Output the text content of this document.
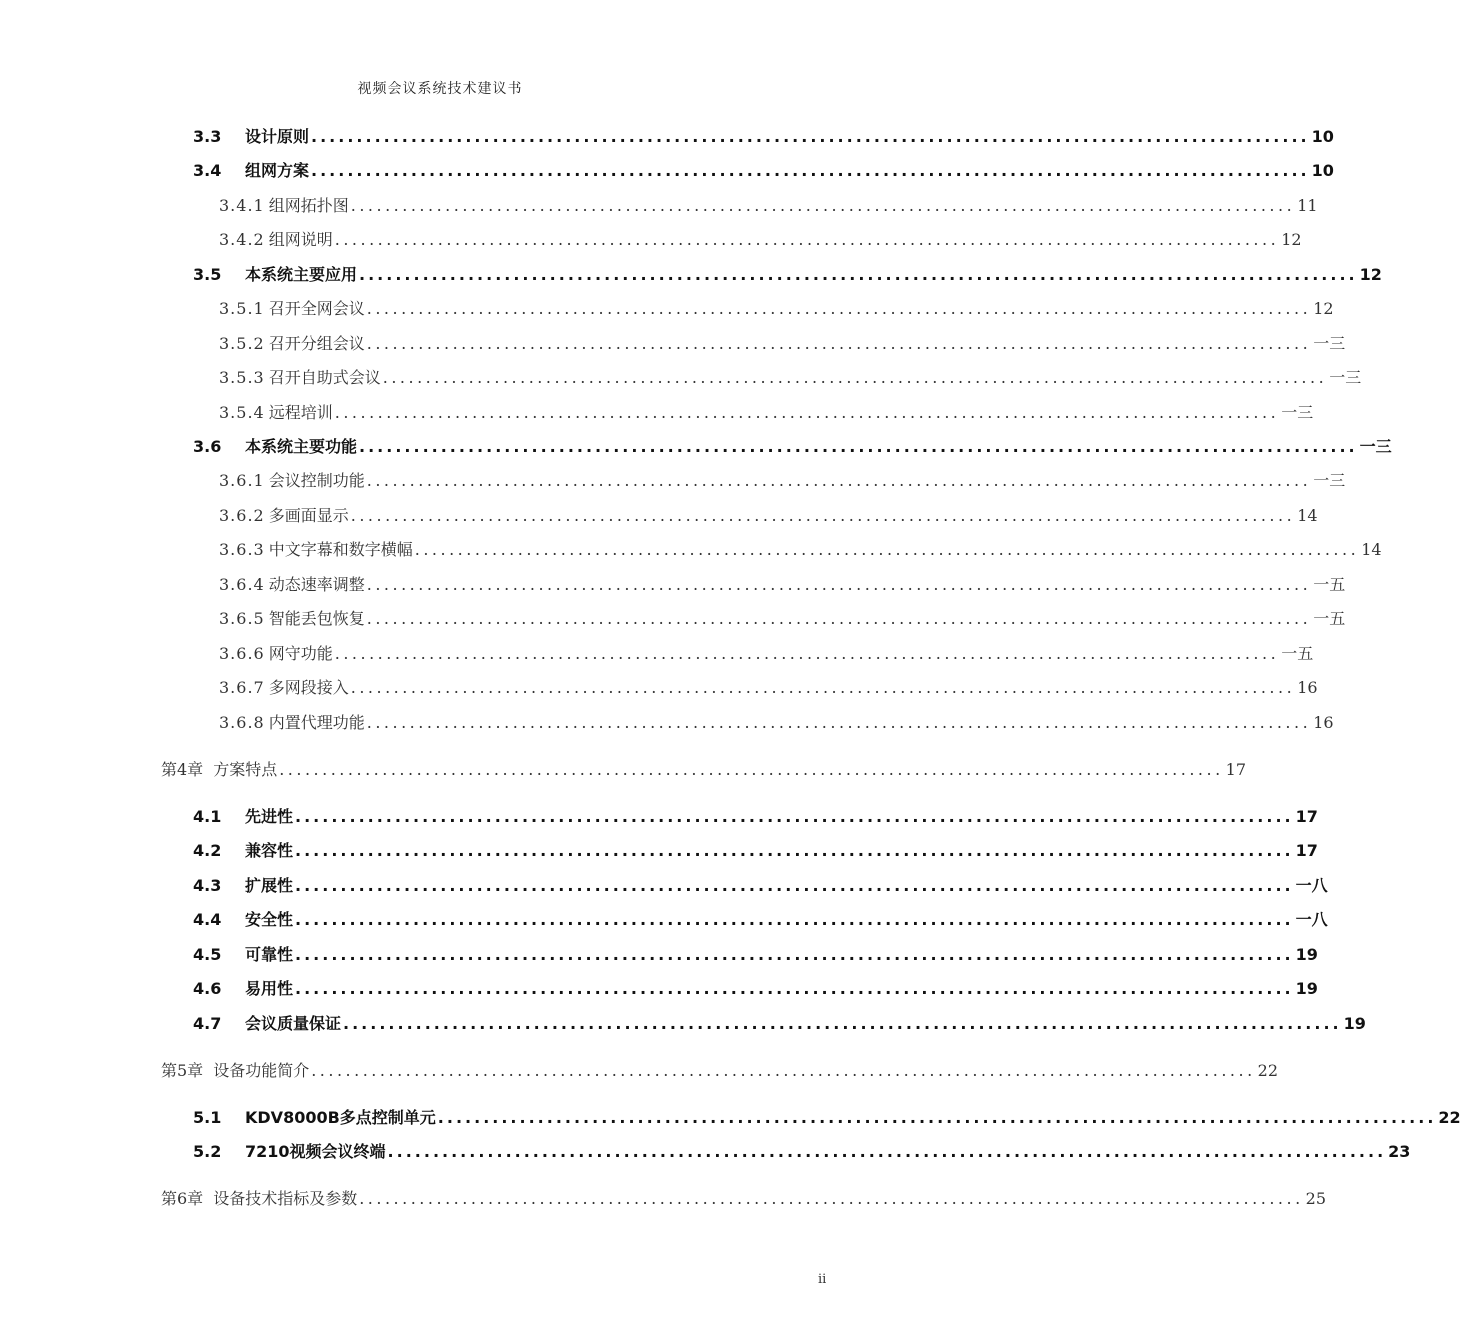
视频会议系统技术建议书
3.3	设计原则 .............................................................................................................. 10
3.4	组网方案 .............................................................................................................. 10
3.4.1 组网拓扑图 .............................................................................................................. 11
3.4.2 组网说明 .............................................................................................................. 12
3.5	本系统主要应用 .............................................................................................................. 12
3.5.1 召开全网会议 .............................................................................................................. 12
3.5.2 召开分组会议 .............................................................................................................. 一三
3.5.3 召开自助式会议 .............................................................................................................. 一三
3.5.4 远程培训 .............................................................................................................. 一三
3.6	本系统主要功能 .............................................................................................................. 一三
3.6.1 会议控制功能 .............................................................................................................. 一三
3.6.2 多画面显示 .............................................................................................................. 14
3.6.3 中文字幕和数字横幅 .............................................................................................................. 14
3.6.4 动态速率调整 .............................................................................................................. 一五
3.6.5 智能丢包恢复 .............................................................................................................. 一五
3.6.6 网守功能 .............................................................................................................. 一五
3.6.7 多网段接入 .............................................................................................................. 16
3.6.8 内置代理功能 .............................................................................................................. 16
第4章 方案特点 .............................................................................................................. 17
4.1	先进性 .............................................................................................................. 17
4.2	兼容性 .............................................................................................................. 17
4.3	扩展性 .............................................................................................................. 一八
4.4	安全性 .............................................................................................................. 一八
4.5	可靠性 .............................................................................................................. 19
4.6	易用性 .............................................................................................................. 19
4.7	会议质量保证 .............................................................................................................. 19
第5章 设备功能简介 .............................................................................................................. 22
5.1	KDV8000B多点控制单元 .............................................................................................................. 22
5.2	7210视频会议终端 .............................................................................................................. 23
第6章 设备技术指标及参数 .............................................................................................................. 25
ii
